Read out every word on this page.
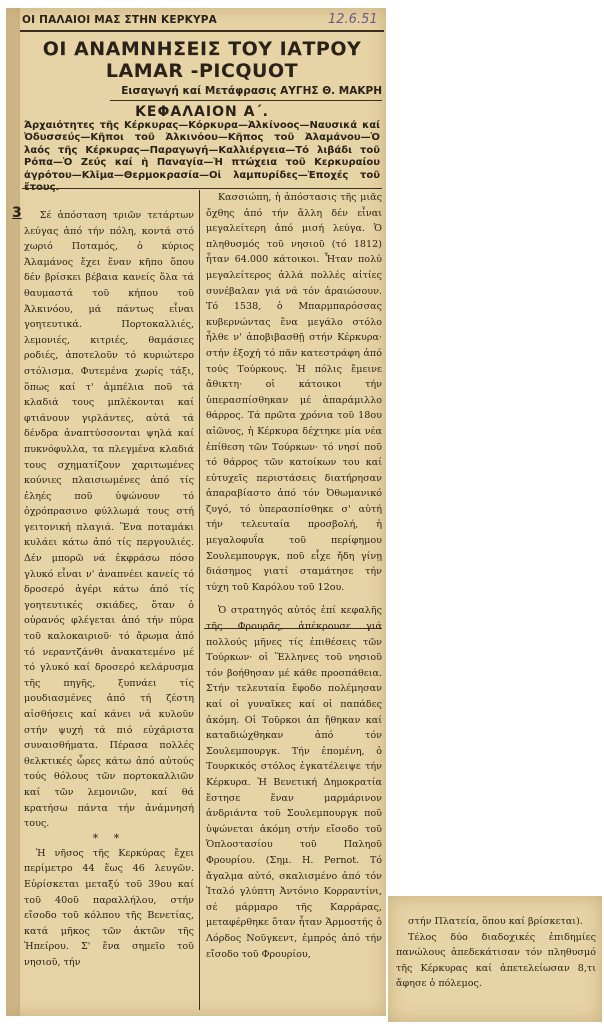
ΟΙ ΠΑΛΑΙΟΙ ΜΑΣ ΣΤΗΝ ΚΕΡΚΥΡΑ	12.6.51
ΟΙ ΑΝΑΜΝΗΣΕΙΣ ΤΟΥ ΙΑΤΡΟΥ
LAMAR -PICQUOT
Εισαγωγή καί Μετάφρασις ΑΥΓΗΣ Θ. ΜΑΚΡΗ
ΚΕΦΑΛΑΙΟΝ Α΄.
Άρχαιότητες τῆς Κέρκυρας—Κόρκυρα—Ἀλκίνοος—Ναυσικά καί Ὀδυσσεύς—Κῆποι τοῦ Ἀλκινόου—Κῆπος τοῦ Ἀλαμάνου—Ὁ λαός τῆς Κέρκυρας—Παραγωγή—Καλλιέργεια—Τό λιβάδι τοῦ Ρόπα—Ὁ Ζεύς καί ἡ Παναγία—Ἡ πτώχεια τοῦ Κερκυραίου ἀγρότου—Κλῖμα—Θερμοκρασία—Οἱ λαμπυρίδες—Ἐποχές τοῦ
3	Σέ ἀπόσταση τριῶν τετάρτων λεύγας ἀπό τήν πόλη, κοντά στό χωριό Ποταμός, ὁ κύριος Ἀλαμάνος ἔχει ἕναν κῆπο ὅπου δέν βρίσκει βέβαια κανείς ὅλα τά θαυμαστά τοῦ κήπου τοῦ Ἀλκινόου, μά πάντως εἶναι γοητευτικά. Πορτοκαλλιές, λεμονιές, κιτριές, θαμάσιες ροδιές, ἀποτελοῦν τό κυριώτερο στόλισμα. Φυτεμένα χωρίς τάξι, ὅπως καί τ' ἀμπέλια ποῦ τά κλαδιά τους μπλέκονται καί φτιάνουν γιρλάντες, αὐτά τά δένδρα ἀναπτύσσονται ψηλά καί πυκνόφυλλα, τα πλεγμένα κλαδιά τους σχηματίζουν χαριτωμένες κούνιες πλαισιωμένες ἀπό τίς ἐληές ποῦ ὑψώνουν τό ὀχρόπρασινο φύλλωμά τους στή γειτονική πλαγιά. Ἕνα ποταμάκι κυλάει κάτω ἀπό τίς περγουλιές. Δέν μπορῶ νά ἐκφράσω πόσο γλυκό εἶναι ν' ἀναπνέει κανείς τό δροσερό ἀγέρι κάτω ἀπό τίς γοητευτικές σκιάδες, ὅταν ὁ οὐρανός φλέγεται ἀπό τήν πύρα τοῦ καλοκαιριοῦ· τό ἄρωμα ἀπό τό νεραντζάνθι ἀνακατεμένο μέ τό γλυκό καί δροσερό κελάρυσμα τῆς πηγῆς, ξυπνάει τίς μουδιασμένες ἀπό τή ζέστη αἰσθήσεις καί κάνει νά κυλοῦν στήν ψυχή τά πιό εὐχάριστα συναισθήματα. Πέρασα πολλές θελκτικές ὧρες κάτω ἀπό αὐτούς τούς θόλους τῶν πορτοκαλλιῶν καί τῶν λεμονιῶν, καί θά κρατήσω πάντα τήν ἀνάμνησή τους.

* *

Ἡ νῆσος τῆς Κερκύρας ἔχει περίμετρο 44 ἕως 46 λευγῶν. Εὑρίσκεται μεταξύ τοῦ 39ου καί τοῦ 40οῦ παραλλήλου, στήν εἴσοδο τοῦ κόλπου τῆς Βενετίας, κατά μῆκος τῶν ἀκτῶν τῆς Ἠπείρου. Σ' ἕνα σημεῖο τοῦ νησιοῦ, τήν

Κασσιώπη, ἡ ἀπόστασις τῆς μιᾶς ὄχθης ἀπό τήν ἄλλη δέν εἶναι μεγαλείτερη ἀπό μισή λεύγα. Ὁ πληθυσμός τοῦ νησιοῦ (τό 1812) ἦταν 64.000 κάτοικοι. Ἦταν πολύ μεγαλείτερος ἀλλά πολλές αἰτίες συνέβαλαν γιά νά τόν ἀραιώσουν. Τό 1538, ὁ Μπαρμπαρόσσας κυβερνώντας ἕνα μεγάλο στόλο ἦλθε ν' ἀποβιβασθῇ στήν Κέρκυρα· στήν ἐξοχή τό πᾶν κατεστράφη ἀπό τούς Τούρκους. Ἡ πόλις ἔμεινε ἄθικτη· οἱ κάτοικοι τήν ὑπερασπίσθηκαν μέ ἀπαράμιλλο θάρρος. Τά πρῶτα χρόνια τοῦ 18ου αἰῶνος, ἡ Κέρκυρα δέχτηκε μία νέα ἐπίθεση τῶν Τούρκων· τό νησί ποῦ τό θάρρος τῶν κατοίκων του καί εὐτυχεῖς περιστάσεις διατήρησαν ἀπαραβίαστο ἀπό τόν Ὀθωμανικό ζυγό, τό ὑπερασπίσθηκε σ' αὐτή τήν τελευταία προσβολή, ἡ μεγαλοφυΐα τοῦ περίφημου Σουλεμπουργκ, ποῦ εἶχε ἤδη γίνῃ διάσημος γιατί σταμάτησε τήν τύχη τοῦ Καρόλου τοῦ 12ου.

Ὁ στρατηγός αὐτός ἐπί κεφαλῆς τῆς Φρουρᾶς, ἀπέκρουσε γιά πολλούς μῆνες τίς ἐπιθέσεις τῶν Τούρκων· οἱ Ἕλληνες τοῦ νησιοῦ τόν βοήθησαν μέ κάθε προσπάθεια. Στήν τελευταία ἔφοδο πολέμησαν καί οἱ γυναῖκες καί οἱ παπάδες ἀκόμη. Οἱ Τοῦρκοι ἀπ ἤθηκαν καί καταδιώχθηκαν ἀπό τόν Σουλεμπουργκ. Τήν ἐπομένη, ὁ Τουρκικός στόλος ἐγκατέλειψε τήν Κέρκυρα. Ἡ Βενετική Δημοκρατία ἔστησε ἕναν μαρμάρινον ἀνδριάντα τοῦ Σουλεμπουργκ ποῦ ὑψώνεται ἀκόμη στήν εἴσοδο τοῦ Ὁπλοστασίου τοῦ Παληοῦ Φρουρίου. (Σημ. Η. Pernot. Τό ἄγαλμα αὐτό, σκαλισμένο ἀπό τόν Ἰταλό γλύπτη Ἀντόνιο Κορραντίνι, σέ μάρμαρο τῆς Καρράρας, μεταφέρθηκε ὅταν ἦταν Ἁρμοστής ὁ Λόρδος Νοῦγκεντ, ἐμπρός ἀπό τήν εἴσοδο τοῦ Φρουρίου,

στήν Πλατεία, ὅπου καί βρίσκεται).

Τέλος δύο διαδοχικές ἐπιδημίες πανώλους ἀπεδεκάτισαν τόν πληθυσμό τῆς Κέρκυρας καί ἀπετελείωσαν 8,τι ἄφησε ὁ πόλεμος.
